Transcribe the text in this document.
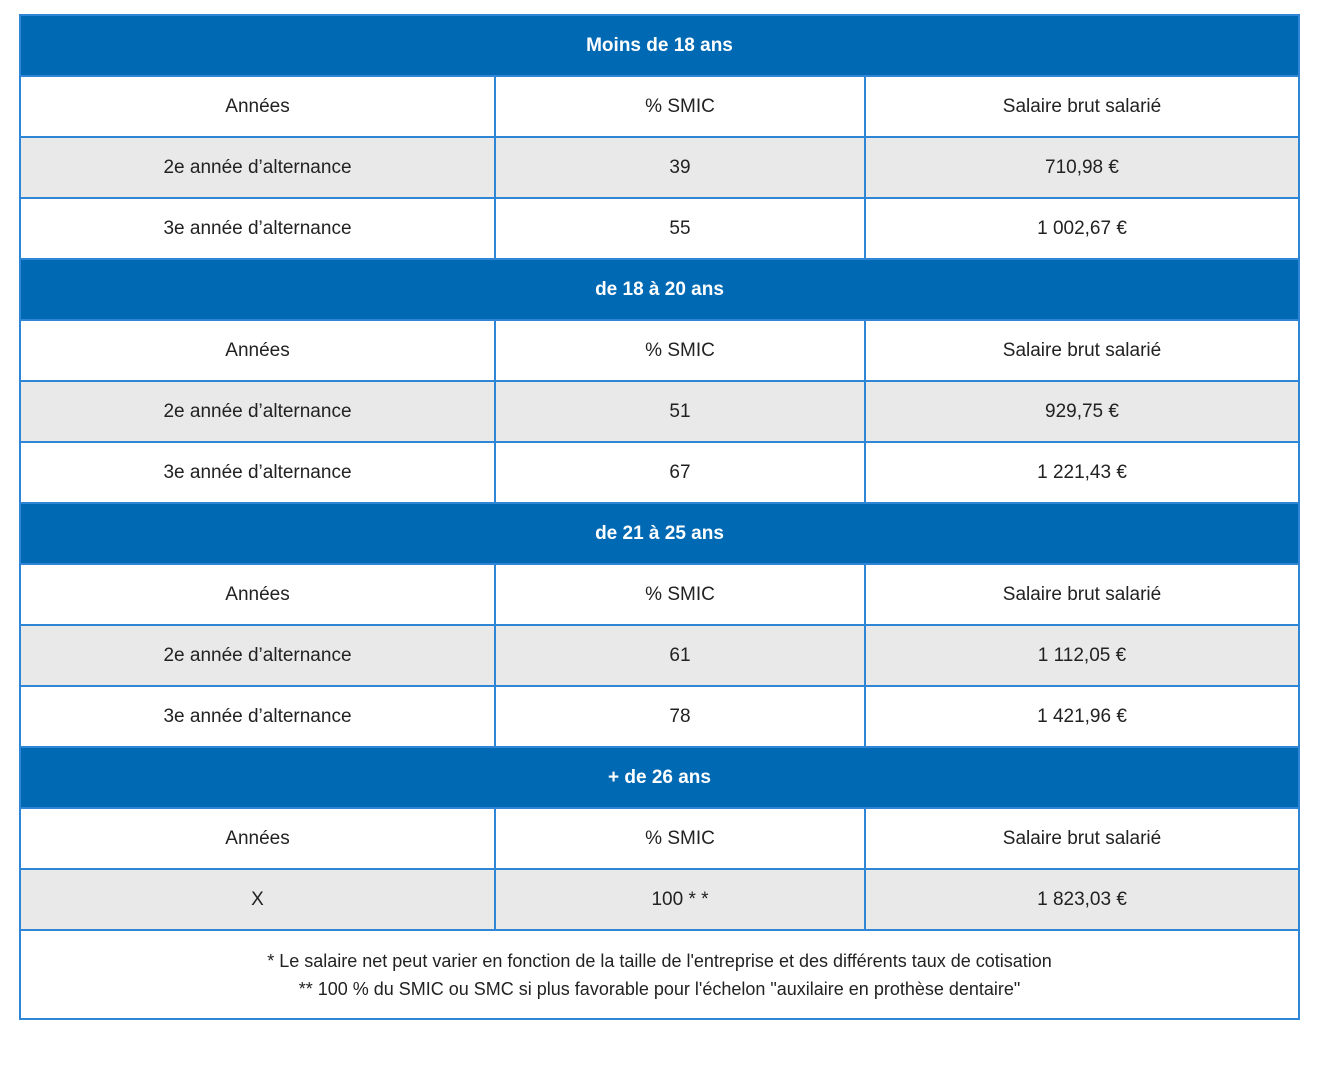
Moins de 18 ans		
Années	% SMIC	Salaire brut salarié
2e année d’alternance	39	710,98 €
3e année d’alternance	55	1 002,67 €
de 18 à 20 ans		
Années	% SMIC	Salaire brut salarié
2e année d’alternance	51	929,75 €
3e année d’alternance	67	1 221,43 €
de 21 à 25 ans		
Années	% SMIC	Salaire brut salarié
2e année d’alternance	61	1 112,05 €
3e année d’alternance	78	1 421,96 €
+ de 26 ans		
Années	% SMIC	Salaire brut salarié
X	100 * *	1 823,03 €

* Le salaire net peut varier en fonction de la taille de l'entreprise et des différents taux de cotisation
** 100 % du SMIC ou SMC si plus favorable pour l'échelon "auxilaire en prothèse dentaire"		
